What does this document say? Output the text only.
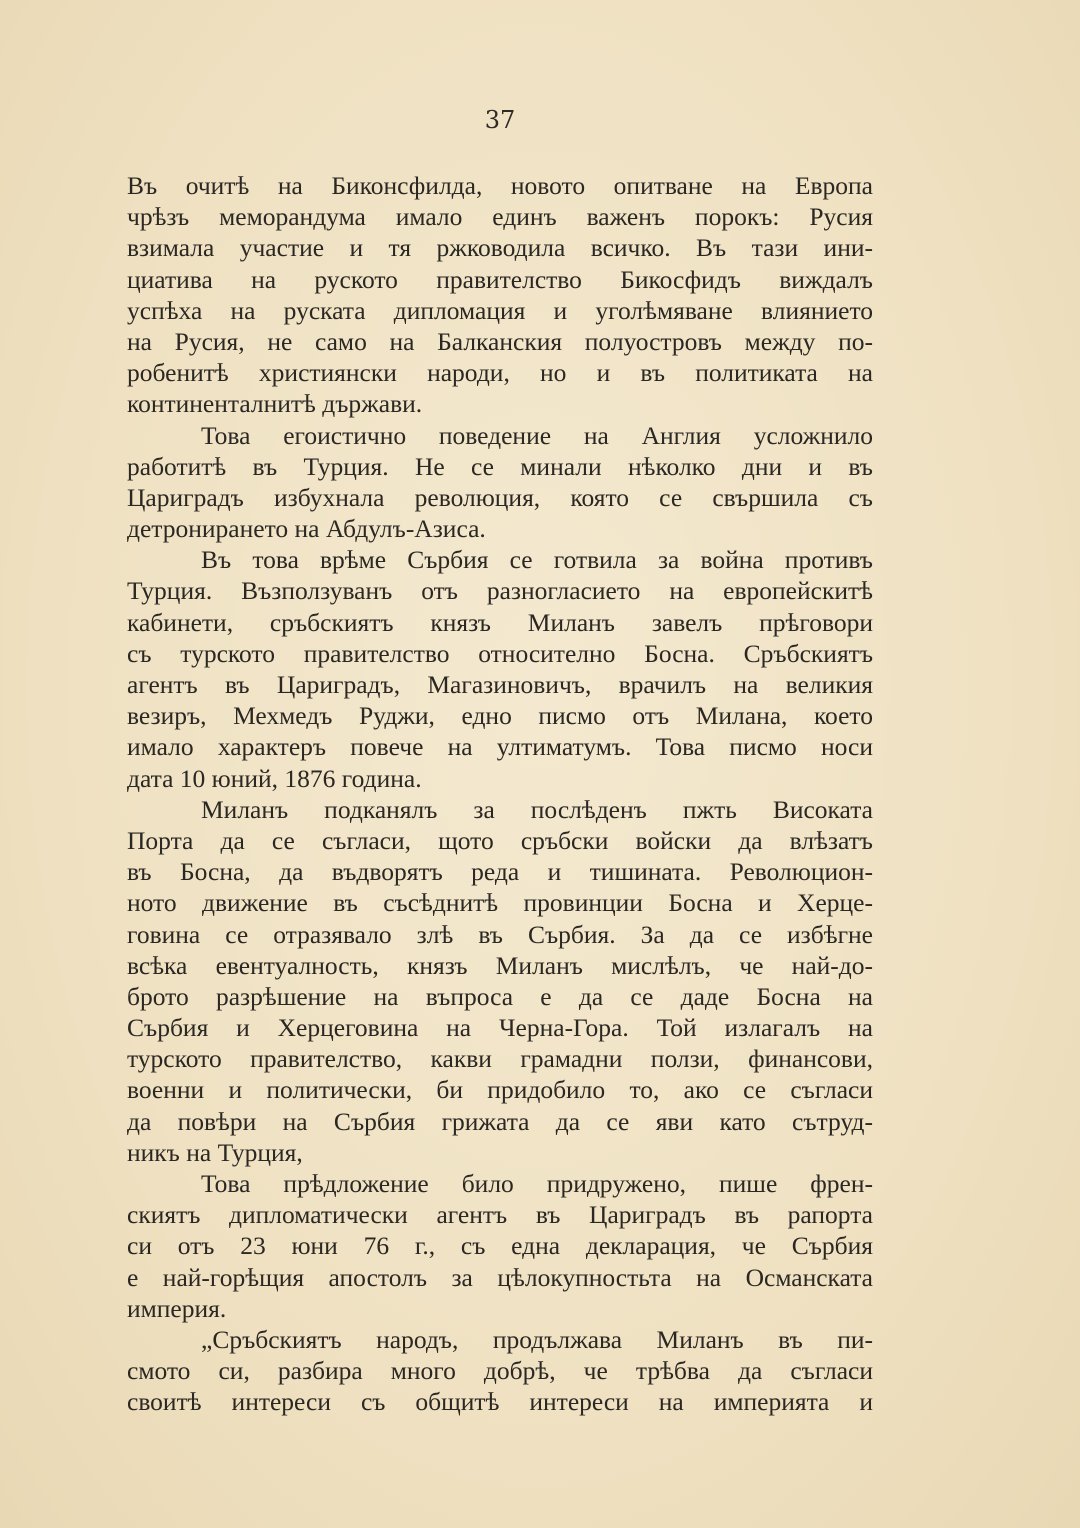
37
Въ очитѣ на Биконсфилда, новото опитване на Европа
чрѣзъ меморандума имало единъ важенъ порокъ: Русия
взимала участие и тя ржководила всичко. Въ тази ини-
циатива на руското правителство Бикосфидъ виждалъ
успѣха на руската дипломация и уголѣмяване влиянието
на Русия, не само на Балканския полуостровъ между по-
робенитѣ християнски народи, но и въ политиката на
континенталнитѣ държави.
Това егоистично поведение на Англия усложнило
работитѣ въ Турция. Не се минали нѣколко дни и въ
Цариградъ избухнала революция, която се свършила съ
детронирането на Абдулъ-Азиса.
Въ това врѣме Сърбия се готвила за война противъ
Турция. Възползуванъ отъ разногласието на европейскитѣ
кабинети, сръбскиятъ князъ Миланъ завелъ прѣговори
съ турското правителство относително Босна. Сръбскиятъ
агентъ въ Цариградъ, Магазиновичъ, врачилъ на великия
везиръ, Мехмедъ Руджи, едно писмо отъ Милана, което
имало характеръ повече на ултиматумъ. Това писмо носи
дата 10 юний, 1876 година.
Миланъ подканялъ за послѣденъ пжть Високата
Порта да се съгласи, щото сръбски войски да влѣзатъ
въ Босна, да въдворятъ реда и тишината. Революцион-
ното движение въ съсѣднитѣ провинции Босна и Херце-
говина се отразявало злѣ въ Сърбия. За да се избѣгне
всѣка евентуалность, князъ Миланъ мислѣлъ, че най-до-
брото разрѣшение на въпроса е да се даде Босна на
Сърбия и Херцеговина на Черна-Гора. Той излагалъ на
турското правителство, какви грамадни ползи, финансови,
военни и политически, би придобило то, ако се съгласи
да повѣри на Сърбия грижата да се яви като сътруд-
никъ на Турция,
Това прѣдложение било придружено, пише френ-
скиятъ дипломатически агентъ въ Цариградъ въ рапорта
си отъ 23 юни 76 г., съ една декларация, че Сърбия
е най-горѣщия апостолъ за цѣлокупностьта на Османската
империя.
„Сръбскиятъ народъ, продължава Миланъ въ пи-
смото си, разбира много добрѣ, че трѣбва да съгласи
своитѣ интереси съ общитѣ интереси на империята и
